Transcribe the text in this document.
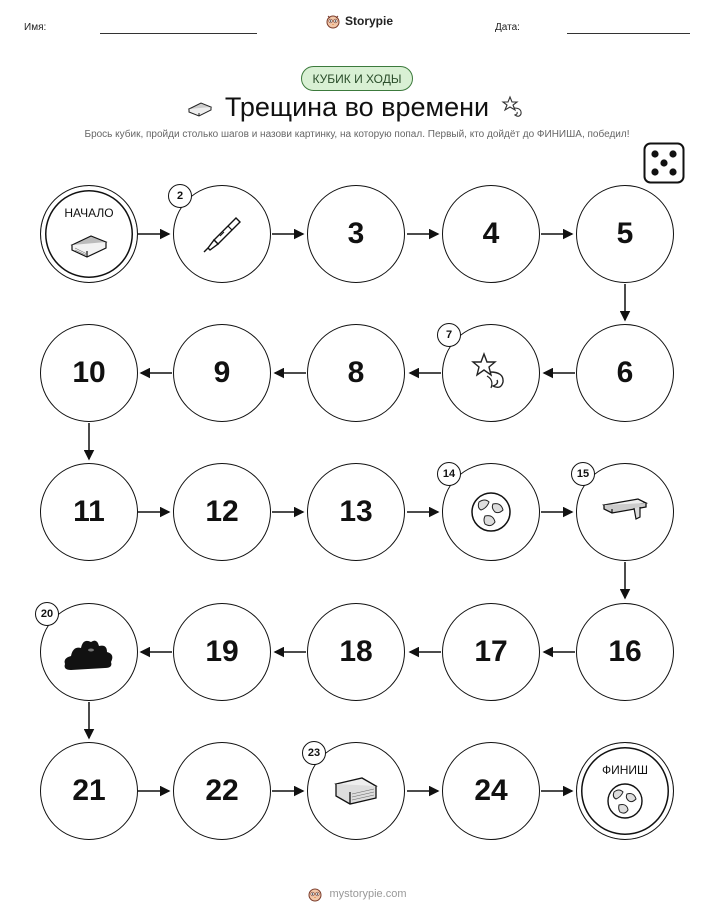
Имя:	Storypie	Дата:
КУБИК И ХОДЫ
Трещина во времени
Брось кубик, пройди столько шагов и назови картинку, на которую попал. Первый, кто дойдёт до ФИНИША, победил!
НАЧАЛО
2
3	4	5
10	9	8
7
6
11	12	13
14	15
20
19	18	17	16
21	22
23
24
ФИНИШ
mystorypie.com
